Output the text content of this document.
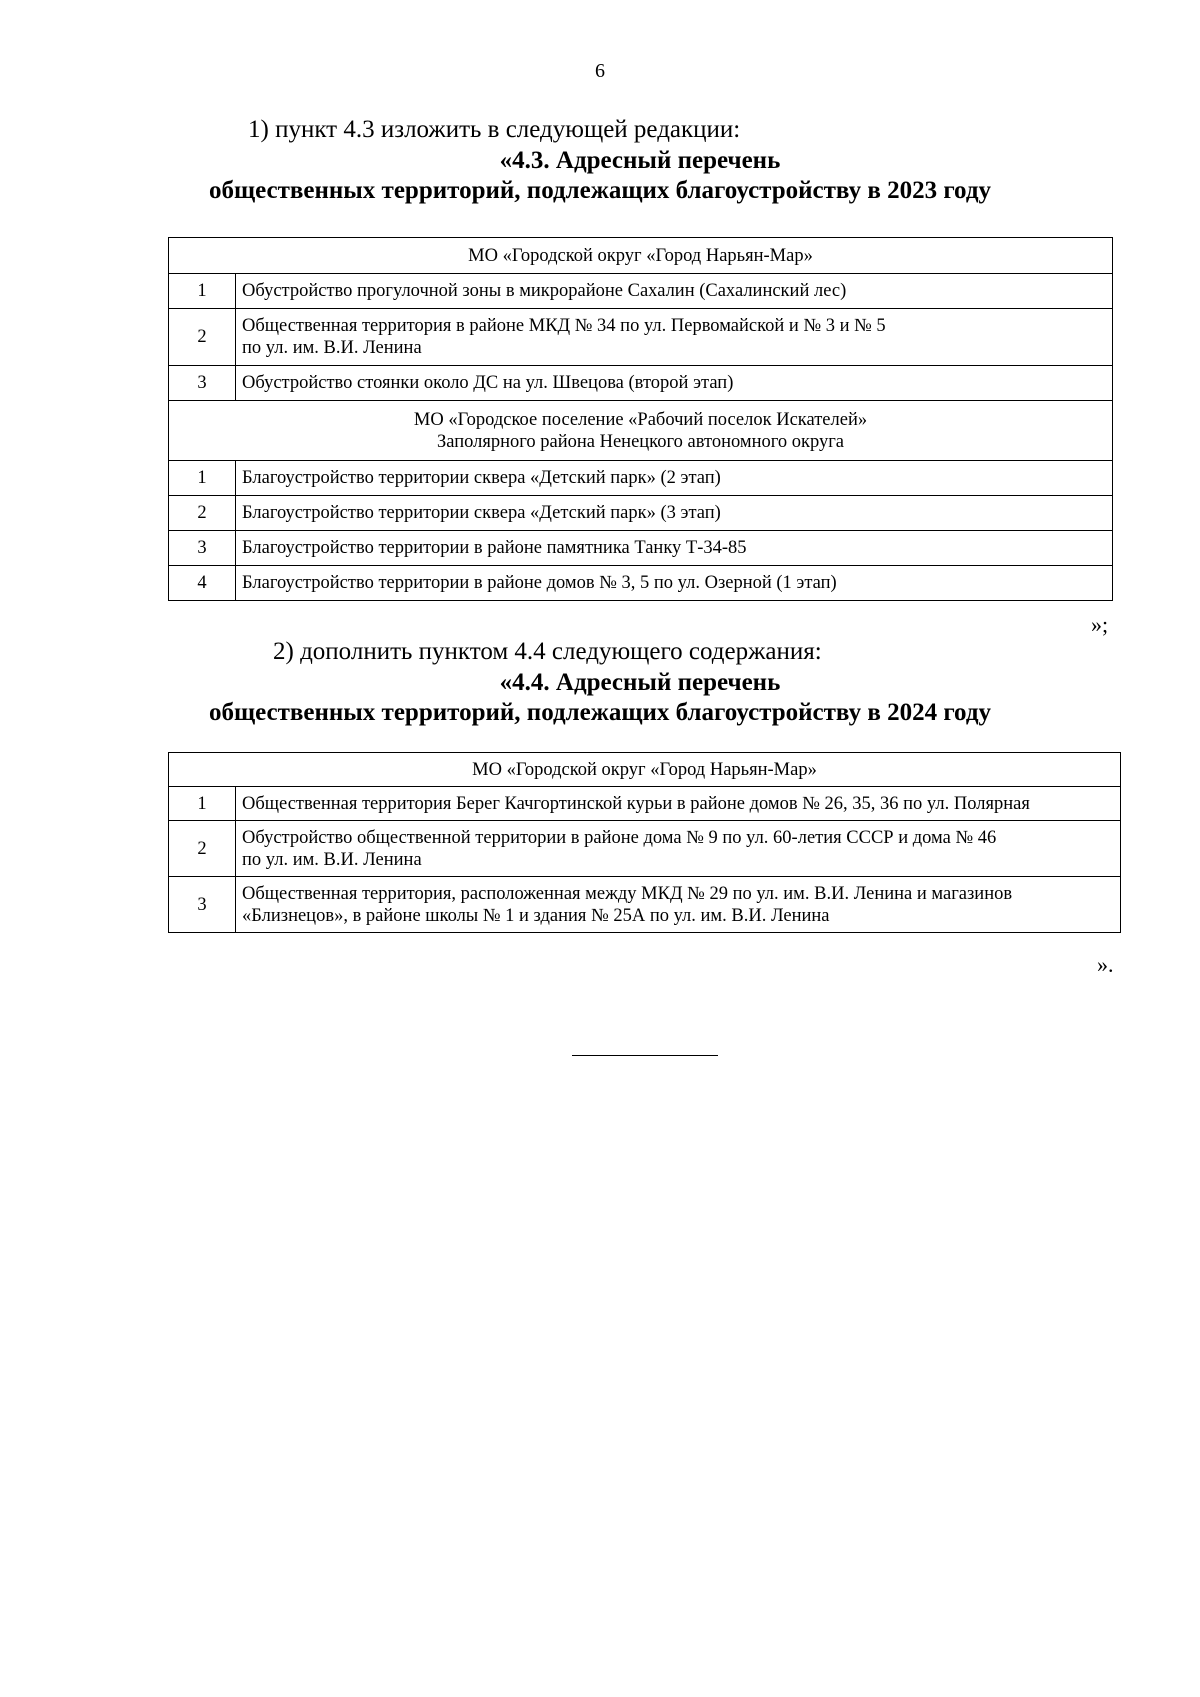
6
1) пункт 4.3 изложить в следующей редакции:
«4.3. Адресный перечень
общественных территорий, подлежащих благоустройству в 2023 году
МО «Городской округ «Город Нарьян-Мар»	

1	Обустройство прогулочной зоны в микрорайоне Сахалин (Сахалинский лес)

2	Общественная территория в районе МКД № 34 по ул. Первомайской и № 3 и № 5
по ул. им. В.И. Ленина

3	Обустройство стоянки около ДС на ул. Швецова (второй этап)

МО «Городское поселение «Рабочий поселок Искателей»
Заполярного района Ненецкого автономного округа	

1	Благоустройство территории сквера «Детский парк» (2 этап)

2	Благоустройство территории сквера «Детский парк» (3 этап)

3	Благоустройство территории в районе памятника Танку Т-34-85

4	Благоустройство территории в районе домов № 3, 5 по ул. Озерной (1 этап)
»;
2) дополнить пунктом 4.4 следующего содержания:
«4.4. Адресный перечень
общественных территорий, подлежащих благоустройству в 2024 году
МО «Городской округ «Город Нарьян-Мар»	

1	Общественная территория Берег Качгортинской курьи в районе домов № 26, 35, 36 по ул. Полярная

2	Обустройство общественной территории в районе дома № 9 по ул. 60-летия СССР и дома № 46
по ул. им. В.И. Ленина

3	Общественная территория, расположенная между МКД № 29 по ул. им. В.И. Ленина и магазинов
«Близнецов», в районе школы № 1 и здания № 25А по ул. им. В.И. Ленина
».
